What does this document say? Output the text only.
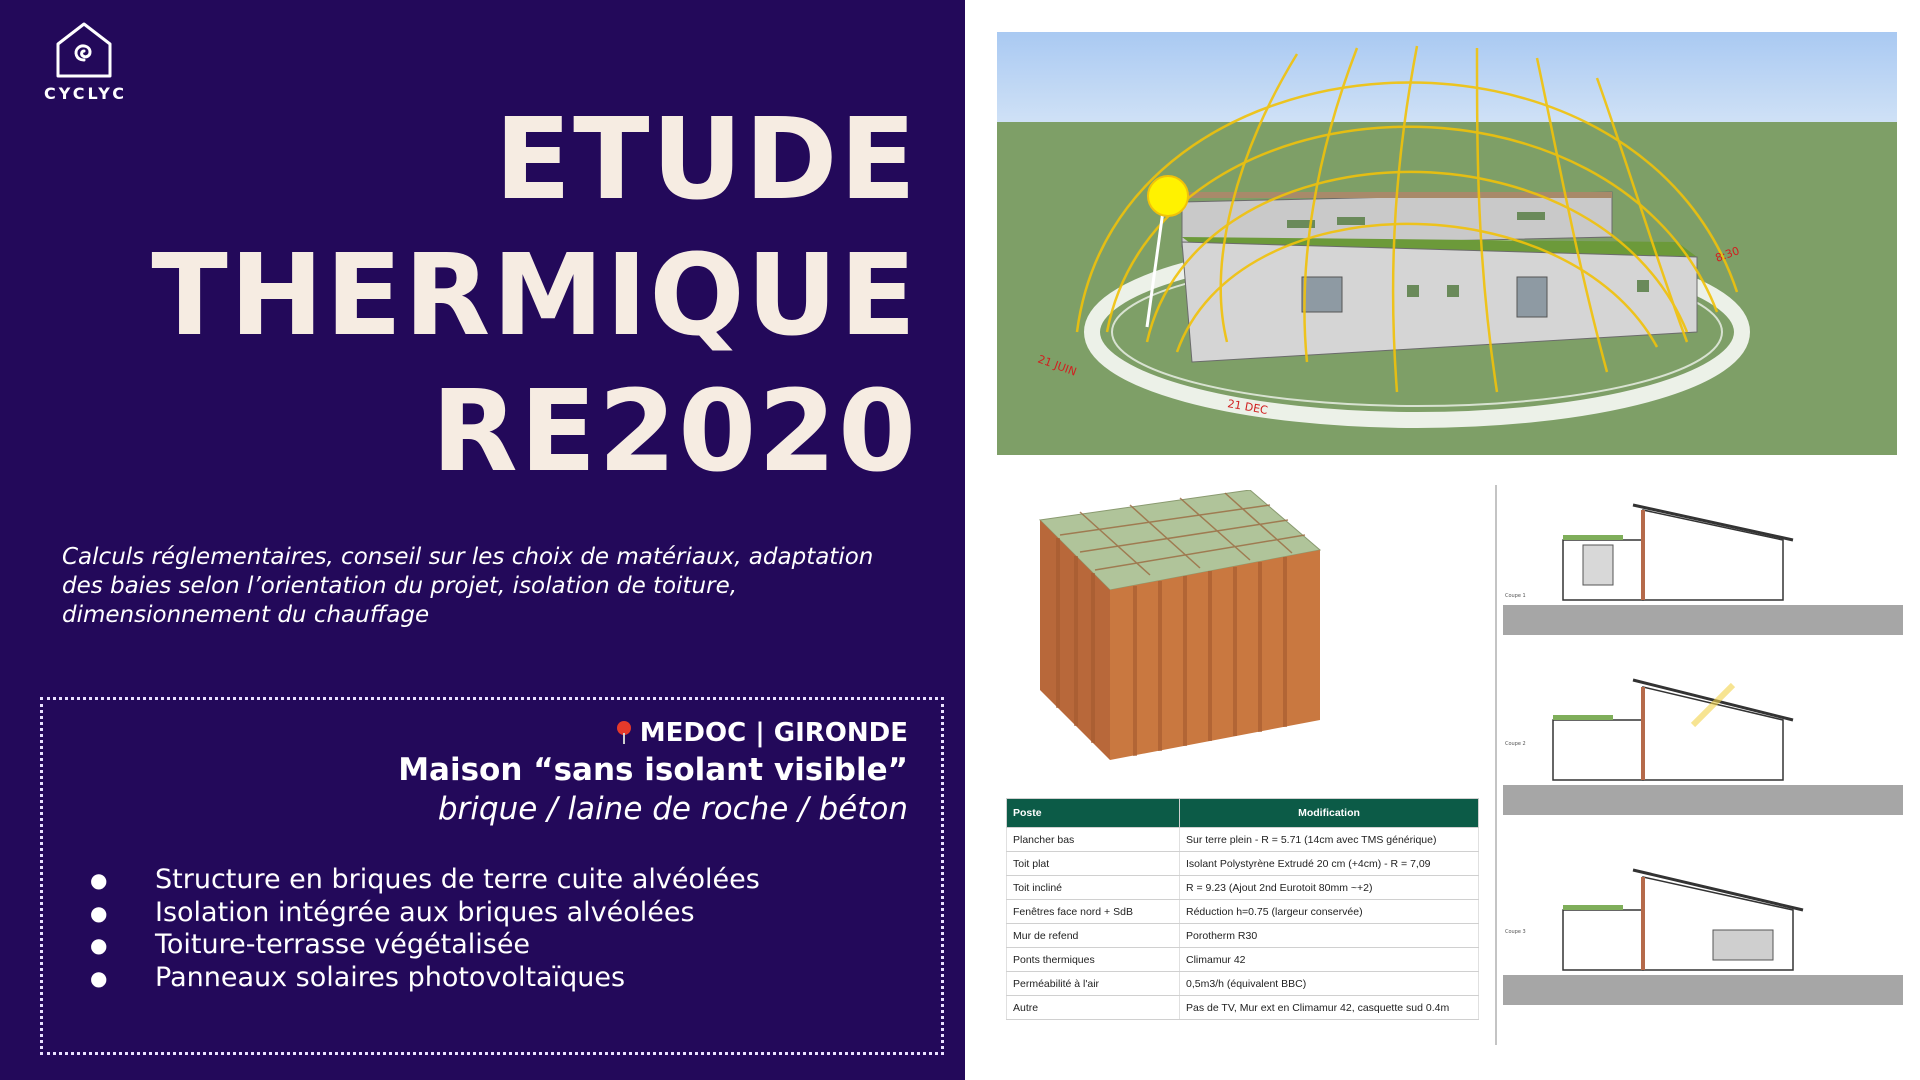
CYCLYC
ETUDE
THERMIQUE
RE2020
Calculs réglementaires, conseil sur les choix de matériaux, adaptation des baies selon l’orientation du projet, isolation de toiture, dimensionnement du chauffage
MEDOC | GIRONDE
Maison “sans isolant visible”
brique / laine de roche / béton
● Structure en briques de terre cuite alvéolées
● Isolation intégrée aux briques alvéolées
● Toiture-terrasse végétalisée
● Panneaux solaires photovoltaïques
21 JUIN
21 DEC
8:30
Coupe 1
Coupe 2
Coupe 3
Poste	Modification
Plancher bas	Sur terre plein - R = 5.71 (14cm avec TMS générique)
Toit plat	Isolant Polystyrène Extrudé 20 cm (+4cm) - R = 7,09
Toit incliné	R = 9.23 (Ajout 2nd Eurotoit 80mm ~+2)
Fenêtres face nord + SdB	Réduction h=0.75 (largeur conservée)
Mur de refend	Porotherm R30
Ponts thermiques	Climamur 42
Perméabilité à l'air	0,5m3/h (équivalent BBC)
Autre	Pas de TV, Mur ext en Climamur 42, casquette sud 0.4m
